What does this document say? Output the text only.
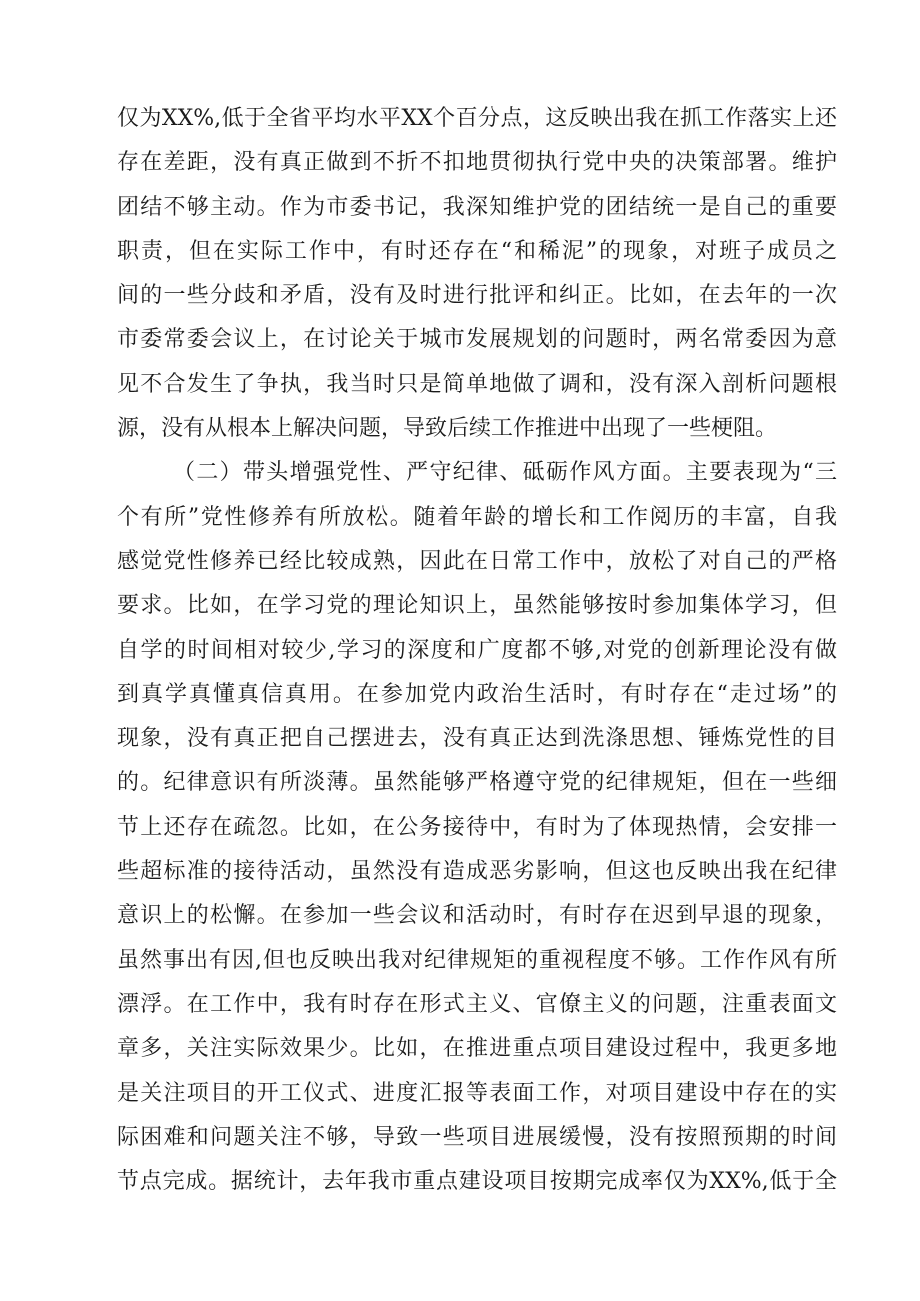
仅为XX%,低于全省平均水平XX个百分点，这反映出我在抓工作落实上还
存在差距，没有真正做到不折不扣地贯彻执行党中央的决策部署。维护
团结不够主动。作为市委书记，我深知维护党的团结统一是自己的重要
职责，但在实际工作中，有时还存在“和稀泥”的现象，对班子成员之
间的一些分歧和矛盾，没有及时进行批评和纠正。比如，在去年的一次
市委常委会议上，在讨论关于城市发展规划的问题时，两名常委因为意
见不合发生了争执，我当时只是简单地做了调和，没有深入剖析问题根
源，没有从根本上解决问题，导致后续工作推进中出现了一些梗阻。
（二）带头增强党性、严守纪律、砥砺作风方面。主要表现为“三
个有所”党性修养有所放松。随着年龄的增长和工作阅历的丰富，自我
感觉党性修养已经比较成熟，因此在日常工作中，放松了对自己的严格
要求。比如，在学习党的理论知识上，虽然能够按时参加集体学习，但
自学的时间相对较少,学习的深度和广度都不够,对党的创新理论没有做
到真学真懂真信真用。在参加党内政治生活时，有时存在“走过场”的
现象，没有真正把自己摆进去，没有真正达到洗涤思想、锤炼党性的目
的。纪律意识有所淡薄。虽然能够严格遵守党的纪律规矩，但在一些细
节上还存在疏忽。比如，在公务接待中，有时为了体现热情，会安排一
些超标准的接待活动，虽然没有造成恶劣影响，但这也反映出我在纪律
意识上的松懈。在参加一些会议和活动时，有时存在迟到早退的现象，
虽然事出有因,但也反映出我对纪律规矩的重视程度不够。工作作风有所
漂浮。在工作中，我有时存在形式主义、官僚主义的问题，注重表面文
章多，关注实际效果少。比如，在推进重点项目建设过程中，我更多地
是关注项目的开工仪式、进度汇报等表面工作，对项目建设中存在的实
际困难和问题关注不够，导致一些项目进展缓慢，没有按照预期的时间
节点完成。据统计，去年我市重点建设项目按期完成率仅为XX%,低于全
